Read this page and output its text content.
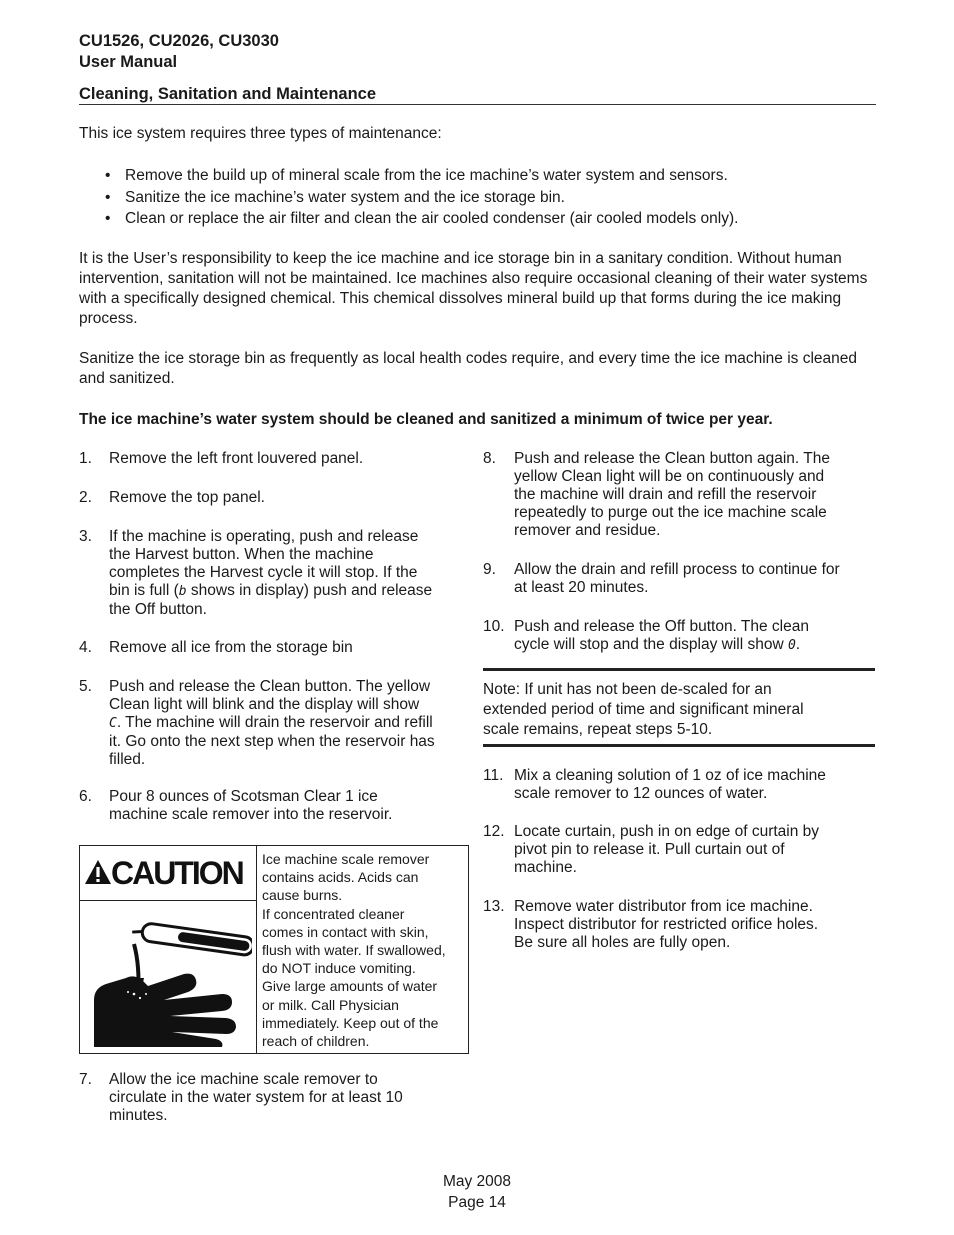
CU1526, CU2026, CU3030
User Manual
Cleaning, Sanitation and Maintenance
This ice system requires three types of maintenance:
• Remove the build up of mineral scale from the ice machine’s water system and sensors.
• Sanitize the ice machine’s water system and the ice storage bin.
• Clean or replace the air filter and clean the air cooled condenser (air cooled models only).
It is the User’s responsibility to keep the ice machine and ice storage bin in a sanitary condition. Without human intervention, sanitation will not be maintained. Ice machines also require occasional cleaning of their water systems with a specifically designed chemical. This chemical dissolves mineral build up that forms during the ice making process.
Sanitize the ice storage bin as frequently as local health codes require, and every time the ice machine is cleaned and sanitized.
The ice machine’s water system should be cleaned and sanitized a minimum of twice per year.
1. Remove the left front louvered panel.
2. Remove the top panel.
3. If the machine is operating, push and release
the Harvest button. When the machine
completes the Harvest cycle it will stop. If the
bin is full (b shows in display) push and release
the Off button.
4. Remove all ice from the storage bin
5. Push and release the Clean button. The yellow
Clean light will blink and the display will show
C. The machine will drain the reservoir and refill
it. Go onto the next step when the reservoir has
filled.
6. Pour 8 ounces of Scotsman Clear 1 ice
machine scale remover into the reservoir.
CAUTION Ice machine scale remover
contains acids. Acids can
cause burns.
If concentrated cleaner
comes in contact with skin,
flush with water. If swallowed,
do NOT induce vomiting.
Give large amounts of water
or milk. Call Physician
immediately. Keep out of the
reach of children.
7. Allow the ice machine scale remover to
circulate in the water system for at least 10
minutes.
8. Push and release the Clean button again. The
yellow Clean light will be on continuously and
the machine will drain and refill the reservoir
repeatedly to purge out the ice machine scale
remover and residue.
9. Allow the drain and refill process to continue for
at least 20 minutes.
10. Push and release the Off button. The clean
cycle will stop and the display will show 0.
Note: If unit has not been de-scaled for an
extended period of time and significant mineral
scale remains, repeat steps 5-10.
11. Mix a cleaning solution of 1 oz of ice machine
scale remover to 12 ounces of water.
12. Locate curtain, push in on edge of curtain by
pivot pin to release it. Pull curtain out of
machine.
13. Remove water distributor from ice machine.
Inspect distributor for restricted orifice holes.
Be sure all holes are fully open.
May 2008
Page 14
